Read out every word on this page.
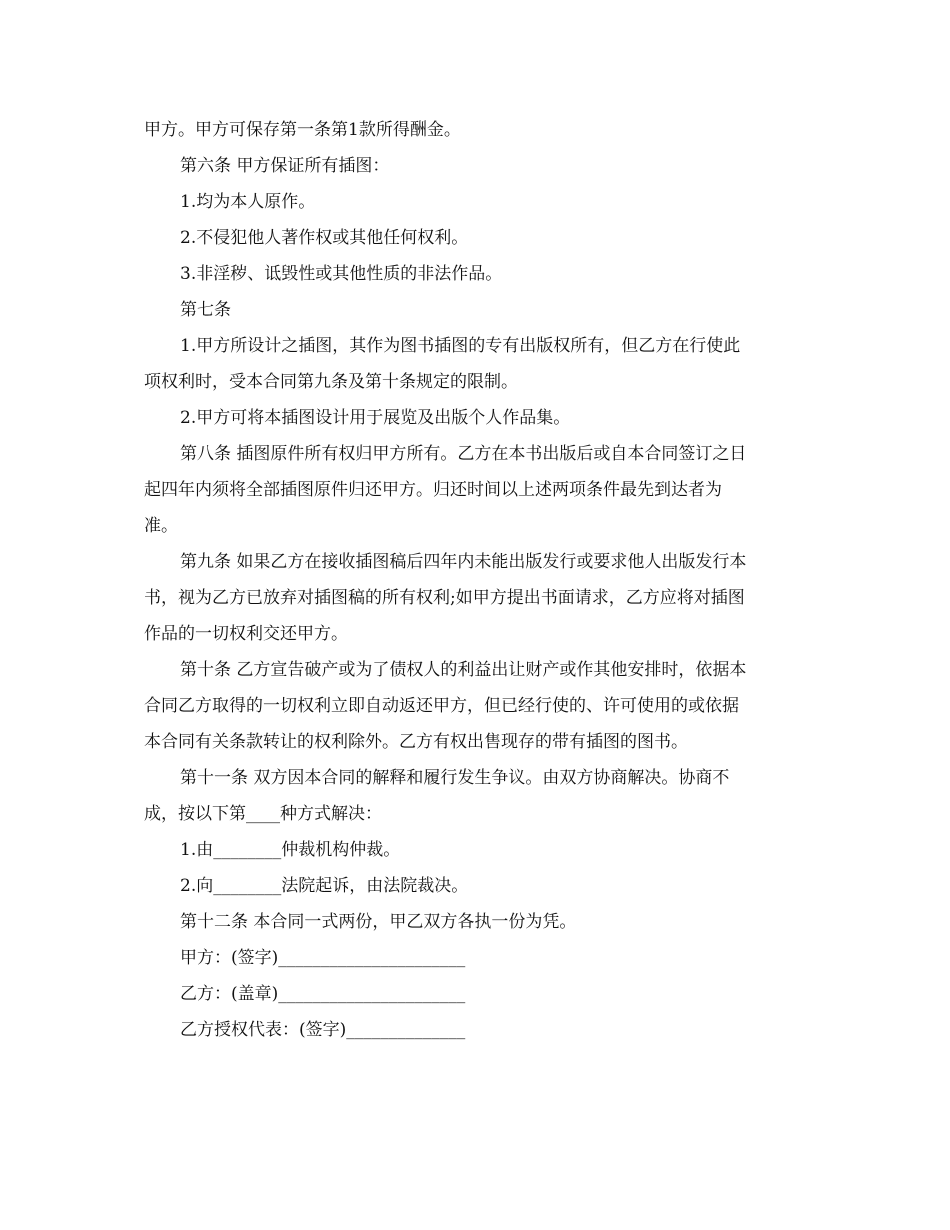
甲方。甲方可保存第一条第1款所得酬金。
第六条 甲方保证所有插图：
1.均为本人原作。
2.不侵犯他人著作权或其他任何权利。
3.非淫秽、诋毁性或其他性质的非法作品。
第七条
1.甲方所设计之插图，其作为图书插图的专有出版权所有，但乙方在行使此
项权利时，受本合同第九条及第十条规定的限制。
2.甲方可将本插图设计用于展览及出版个人作品集。
第八条 插图原件所有权归甲方所有。乙方在本书出版后或自本合同签订之日
起四年内须将全部插图原件归还甲方。归还时间以上述两项条件最先到达者为
准。
第九条 如果乙方在接收插图稿后四年内未能出版发行或要求他人出版发行本
书，视为乙方已放弃对插图稿的所有权利;如甲方提出书面请求，乙方应将对插图
作品的一切权利交还甲方。
第十条 乙方宣告破产或为了债权人的利益出让财产或作其他安排时，依据本
合同乙方取得的一切权利立即自动返还甲方，但已经行使的、许可使用的或依据
本合同有关条款转让的权利除外。乙方有权出售现存的带有插图的图书。
第十一条 双方因本合同的解释和履行发生争议。由双方协商解决。协商不
成，按以下第____种方式解决：
1.由________仲裁机构仲裁。
2.向________法院起诉，由法院裁决。
第十二条 本合同一式两份，甲乙双方各执一份为凭。
甲方：(签字)______________________
乙方：(盖章)______________________
乙方授权代表：(签字)______________
